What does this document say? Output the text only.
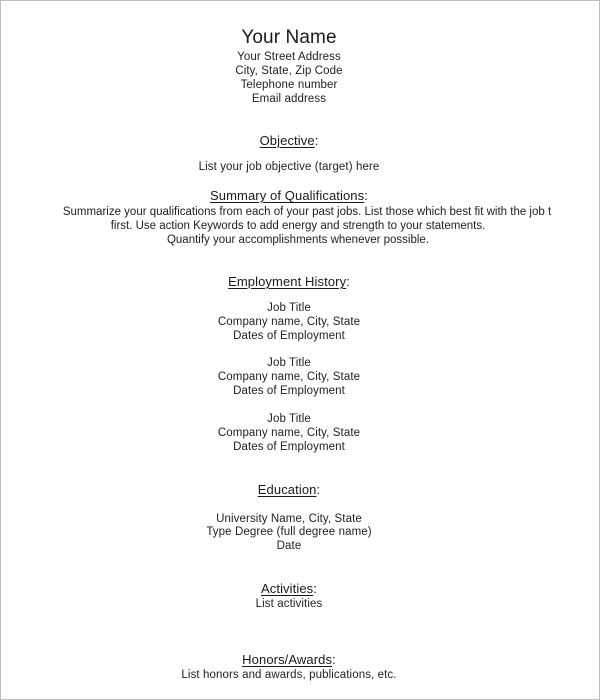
Your Name
Your Street Address
City, State, Zip Code
Telephone number
Email address
Objective:
List your job objective (target) here
Summary of Qualifications:
Summarize your qualifications from each of your past jobs. List those which best fit with the job t
first. Use action Keywords to add energy and strength to your statements.
Quantify your accomplishments whenever possible.
Employment History:
Job Title
Company name, City, State
Dates of Employment
Job Title
Company name, City, State
Dates of Employment
Job Title
Company name, City, State
Dates of Employment
Education:
University Name, City, State
Type Degree (full degree name)
Date
Activities:
List activities
Honors/Awards:
List honors and awards, publications, etc.
